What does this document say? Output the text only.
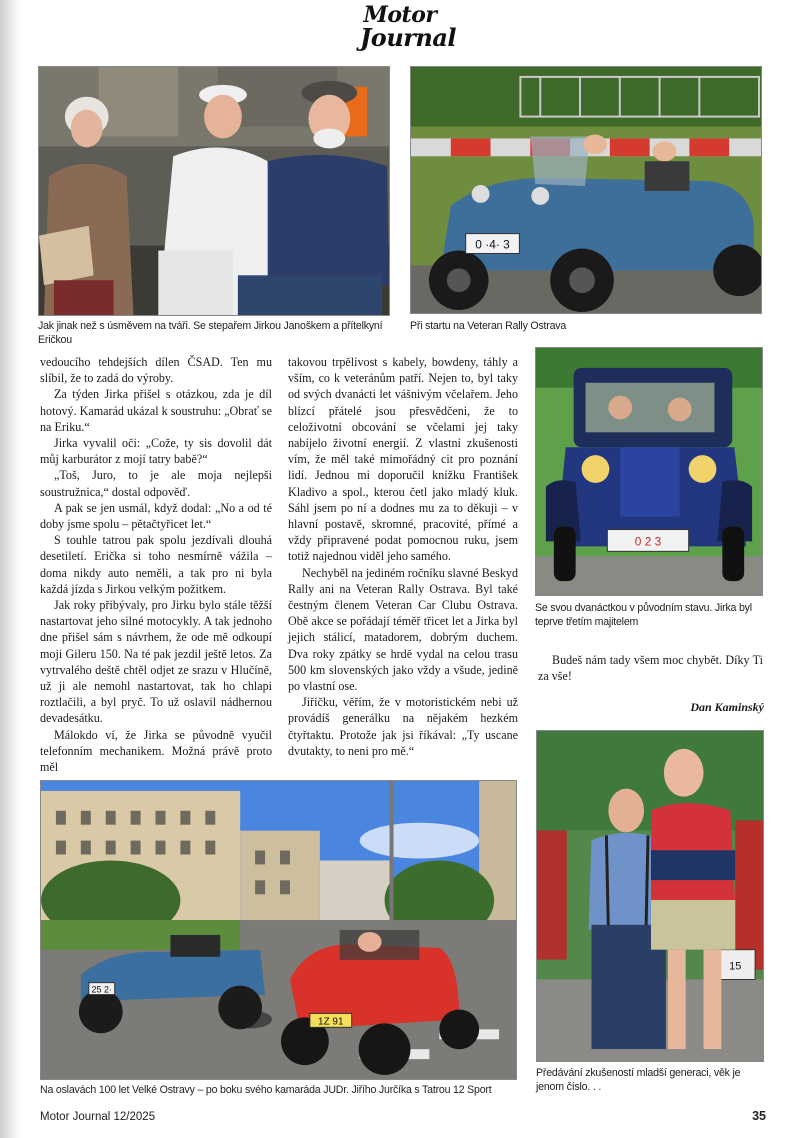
Motor
Journal
Jak jinak než s úsměvem na tváři. Se stepařem Jirkou Janoškem a přítelkyní Eričkou
0 ·4· 3
Při startu na Veteran Rally Ostrava
0 2 3
Se svou dvanáctkou v původním stavu. Jirka byl teprve třetím majitelem

vedoucího tehdejších dílen ČSAD. Ten mu slíbil, že to zadá do výroby.

Za týden Jirka přišel s otázkou, zda je díl hotový. Kamarád ukázal k soustruhu: „Obrať se na Eriku.“

Jirka vyvalil oči: „Cože, ty sis dovolil dát můj karburátor z mojí tatry babě?“

„Toš, Juro, to je ale moja nejlepši soustružnica,“ dostal odpověď.

A pak se jen usmál, když dodal: „No a od té doby jsme spolu – pětačtyřicet let.“

S touhle tatrou pak spolu jezdívali dlouhá desetiletí. Erička si toho nesmírně vážila – doma nikdy auto neměli, a tak pro ni byla každá jízda s Jirkou velkým požitkem.

Jak roky přibývaly, pro Jirku bylo stále těžší nastartovat jeho silné motocykly. A tak jednoho dne přišel sám s návrhem, že ode mě odkoupí moji Gileru 150. Na té pak jezdil ještě letos. Za vytrvalého deště chtěl odjet ze srazu v Hlučíně, už ji ale nemohl nastartovat, tak ho chlapi roztlačili, a byl pryč. To už oslavil nádhernou devadesátku.

Málokdo ví, že Jirka se původně vyučil telefonním mechanikem. Možná právě proto měl

takovou trpělivost s kabely, bowdeny, táhly a vším, co k veteránům patří. Nejen to, byl taky od svých dvanácti let vášnivým včelařem. Jeho blízcí přátelé jsou přesvědčeni, že to celoživotní obcování se včelami jej taky nabíjelo životní energií. Z vlastní zkušenosti vím, že měl také mimořádný cit pro poznání lidí. Jednou mi doporučil knížku František Kladivo a spol., kterou četl jako mladý kluk. Sáhl jsem po ní a dodnes mu za to děkuji – v hlavní postavě, skromné, pracovité, přímé a vždy připravené podat pomocnou ruku, jsem totiž najednou viděl jeho samého.

Nechyběl na jediném ročníku slavné Beskyd Rally ani na Veteran Rally Ostrava. Byl také čestným členem Veteran Car Clubu Ostrava. Obě akce se pořádají téměř třicet let a Jirka byl jejich stálicí, matadorem, dobrým duchem. Dva roky zpátky se hrdě vydal na celou trasu 500 km slovenských jako vždy a všude, jedině po vlastní ose.

Jiříčku, věřím, že v motoristickém nebi už provádíš generálku na nějakém hezkém čtyřtaktu. Protože jak jsi říkával: „Ty uscane dvutakty, to neni pro mě.“

Budeš nám tady všem moc chybět. Díky Ti za vše!

Dan Kaminský
25 2·
1Z 91
Na oslavách 100 let Velké Ostravy – po boku svého kamaráda JUDr. Jiřího Jurčíka s Tatrou 12 Sport
15
Předávání zkušeností mladší generaci, věk je jenom číslo. . .
Motor Journal 12/2025	35
